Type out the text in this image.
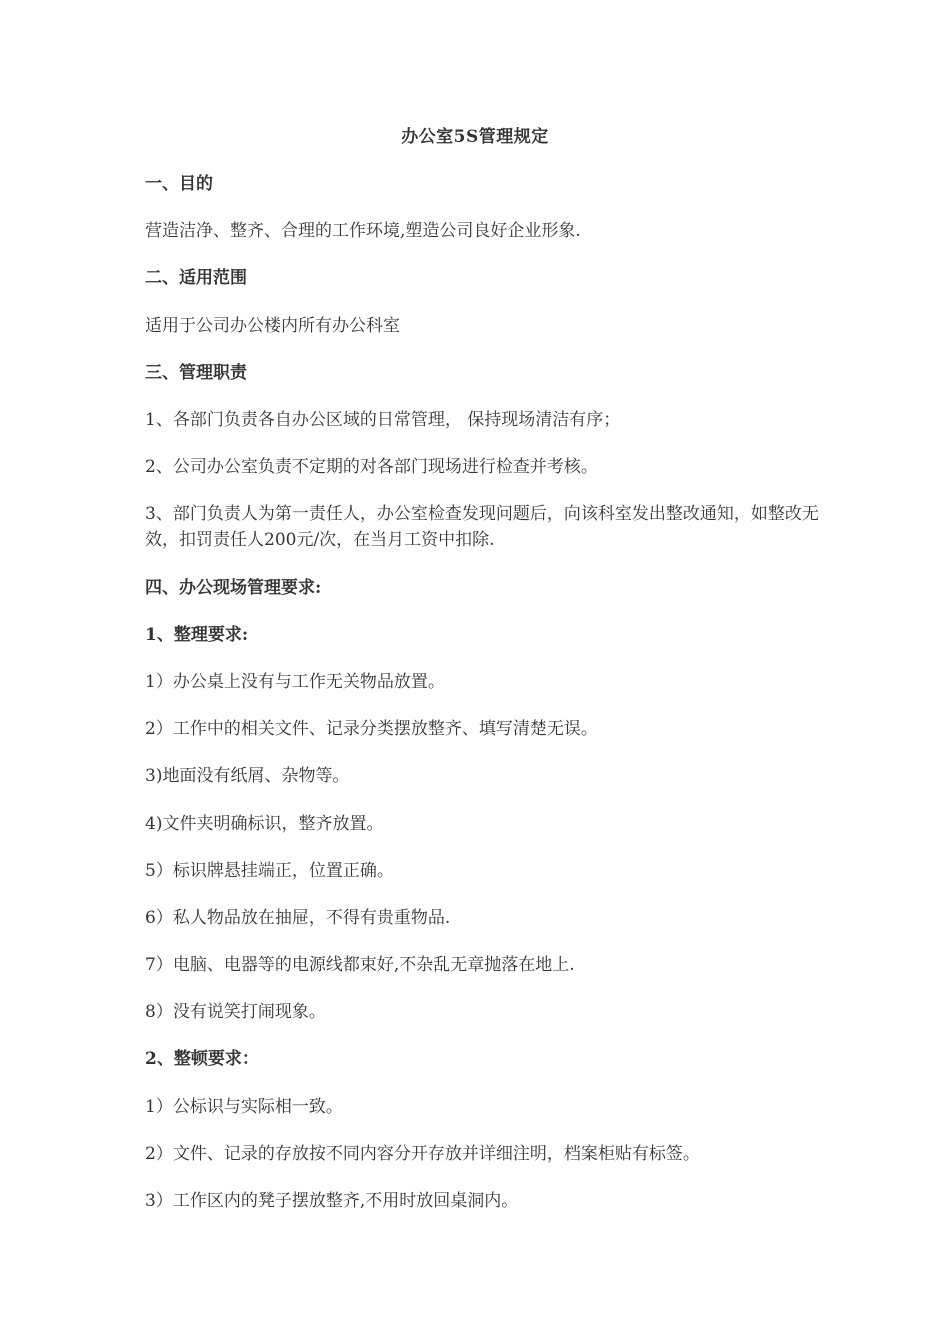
办公室5S管理规定
一、目的
营造洁净、整齐、合理的工作环境,塑造公司良好企业形象.
二、适用范围
适用于公司办公楼内所有办公科室
三、管理职责
1、各部门负责各自办公区域的日常管理， 保持现场清洁有序；
2、公司办公室负责不定期的对各部门现场进行检查并考核。
3、部门负责人为第一责任人，办公室检查发现问题后，向该科室发出整改通知，如整改无效，扣罚责任人200元/次，在当月工资中扣除.
四、办公现场管理要求:
1、整理要求:
1）办公桌上没有与工作无关物品放置。
2）工作中的相关文件、记录分类摆放整齐、填写清楚无误。
3)地面没有纸屑、杂物等。
4)文件夹明确标识，整齐放置。
5）标识牌悬挂端正，位置正确。
6）私人物品放在抽屉，不得有贵重物品.
7）电脑、电器等的电源线都束好,不杂乱无章抛落在地上.
8）没有说笑打闹现象。
2、整顿要求：
1）公标识与实际相一致。
2）文件、记录的存放按不同内容分开存放并详细注明，档案柜贴有标签。
3）工作区内的凳子摆放整齐,不用时放回桌洞内。
